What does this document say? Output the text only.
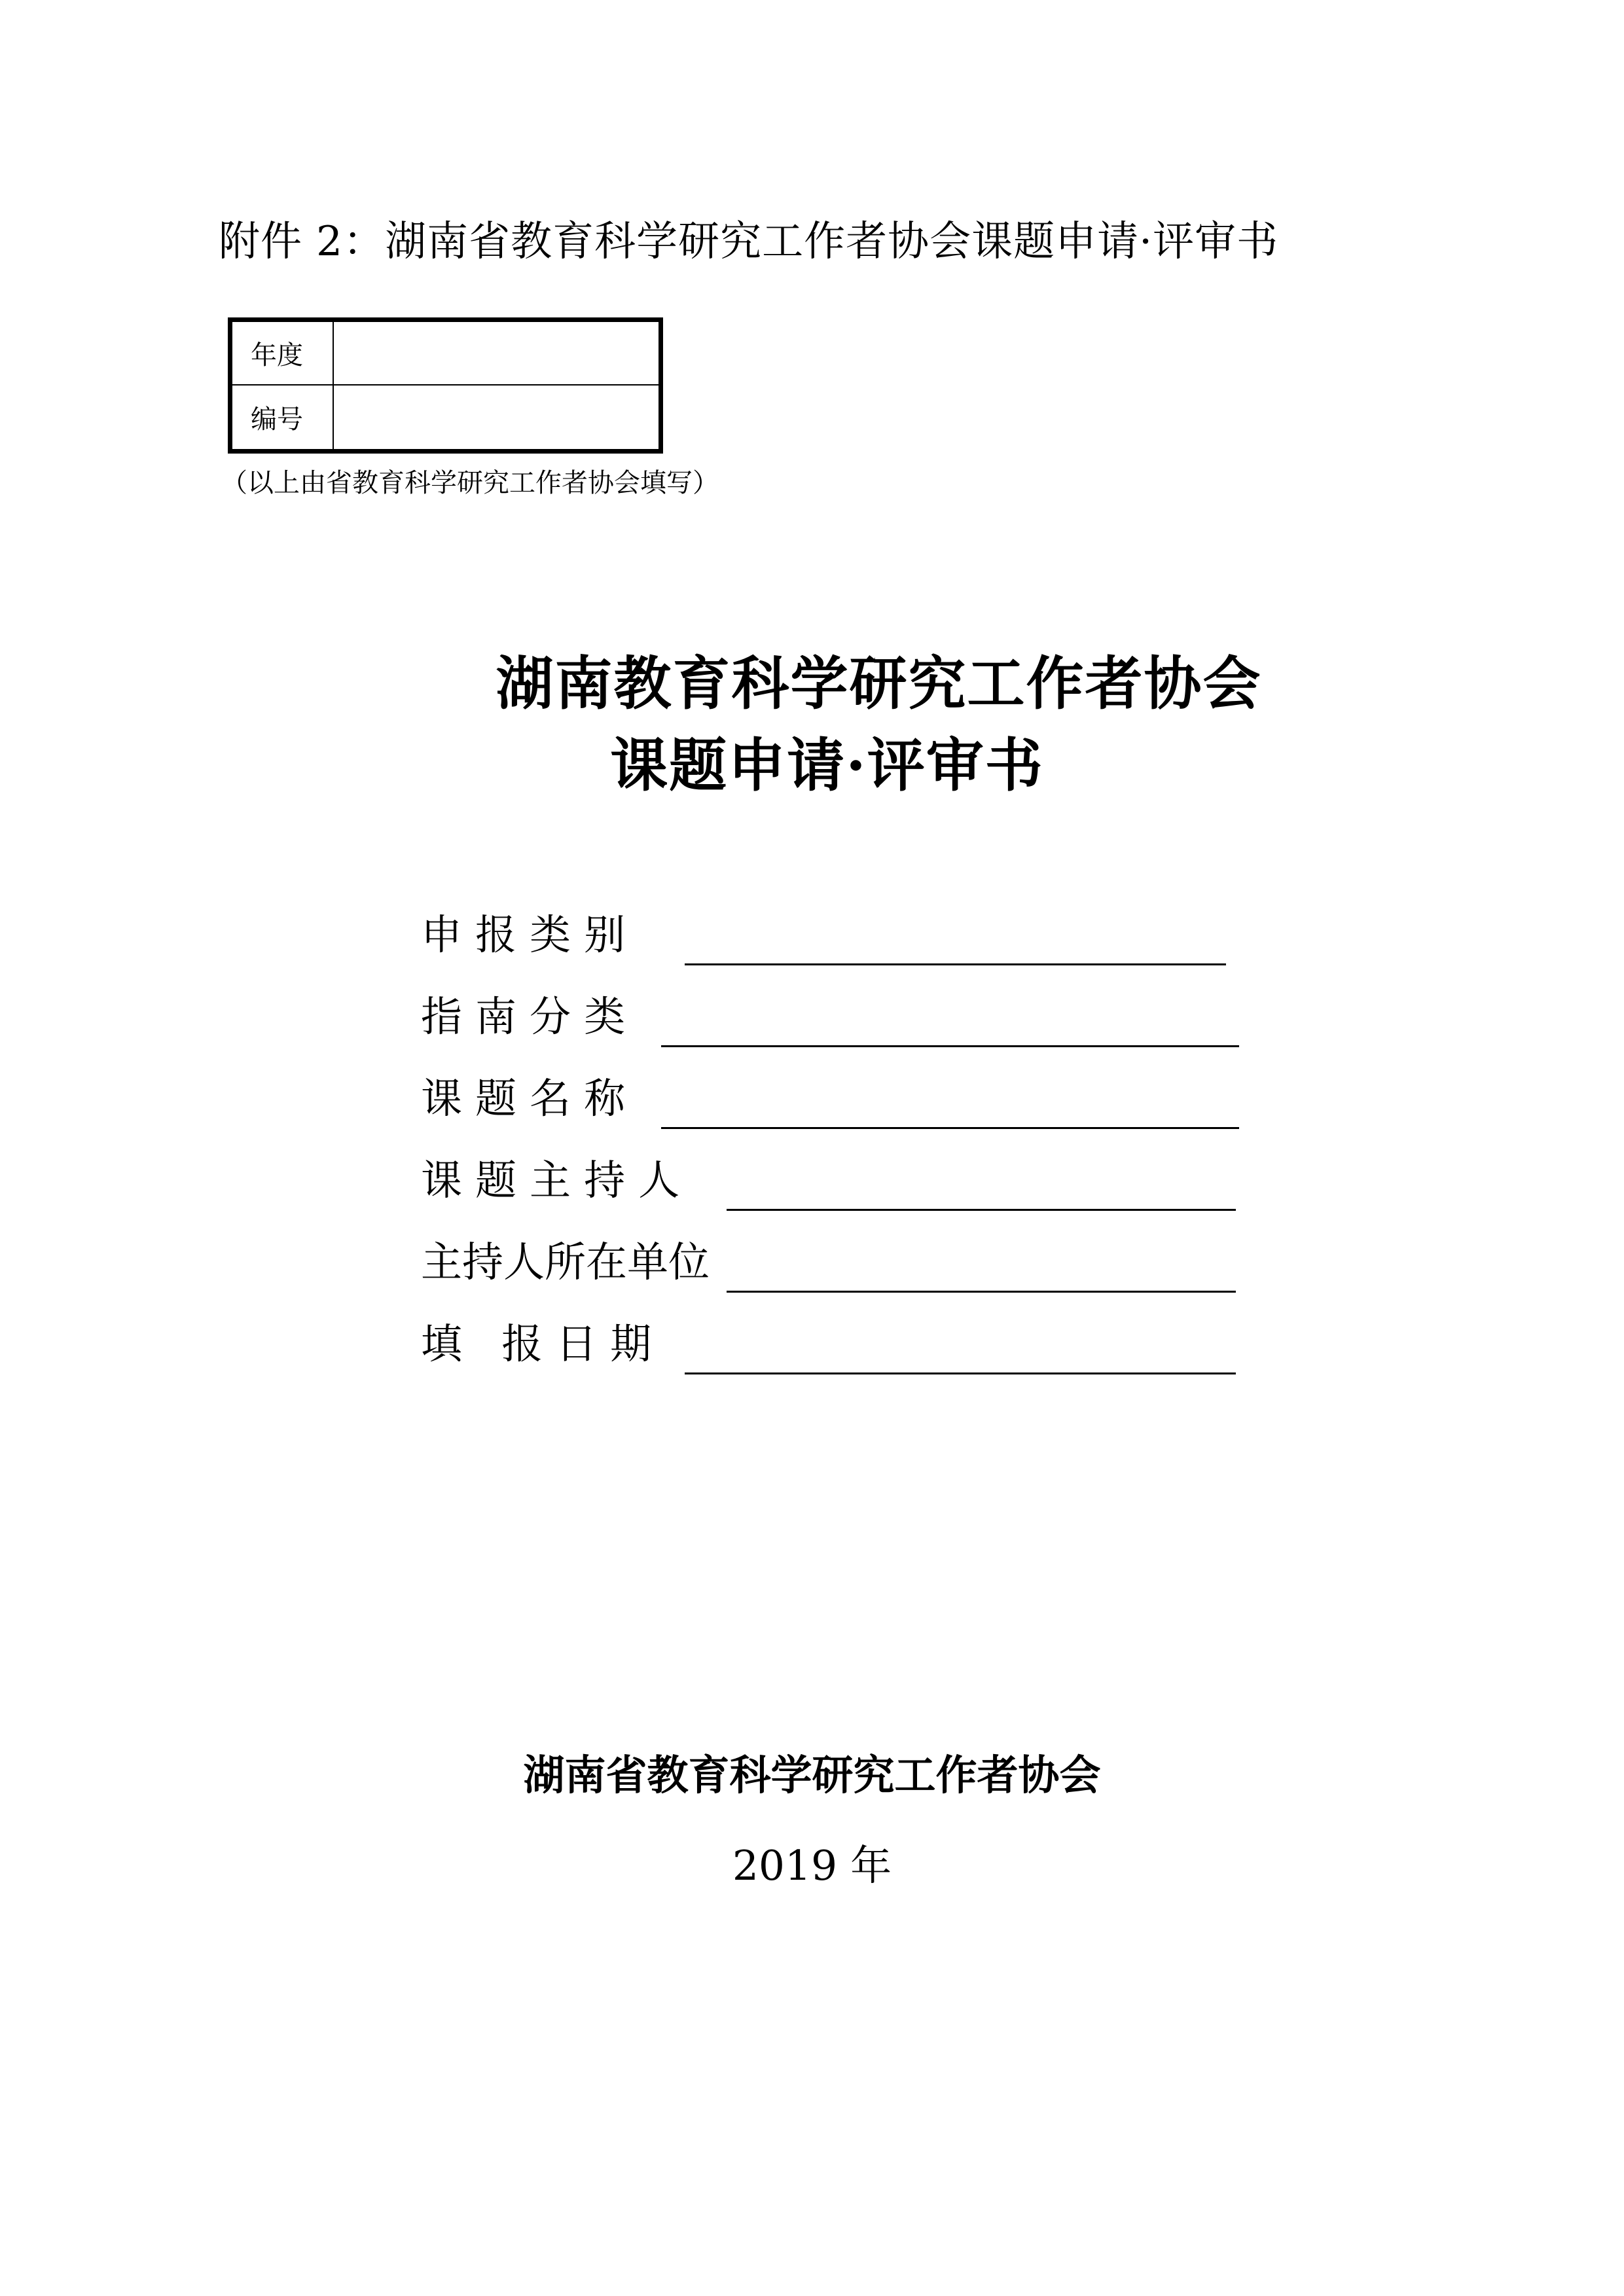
附件 2：湖南省教育科学研究工作者协会课题申请·评审书
年度
编号
（以上由省教育科学研究工作者协会填写）
湖南教育科学研究工作者协会
课题申请·评审书
申 报 类 别
指 南 分 类
课 题 名 称
课 题 主 持 人
主持人所在单位
填   报 日 期
湖南省教育科学研究工作者协会
2019 年
